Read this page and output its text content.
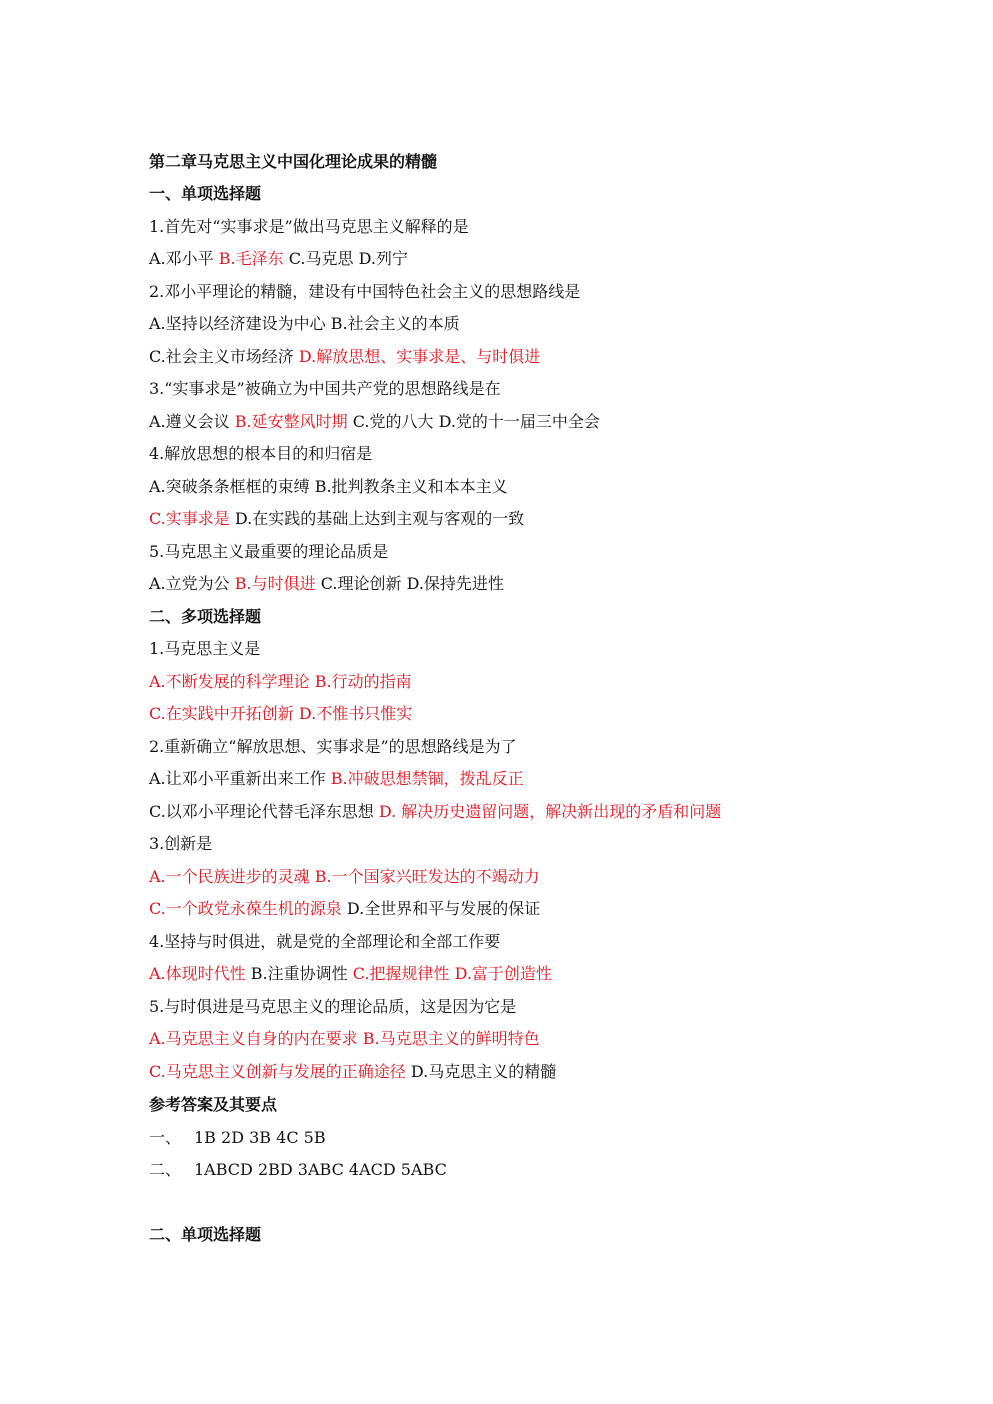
第二章马克思主义中国化理论成果的精髓
一、单项选择题
1.首先对“实事求是”做出马克思主义解释的是
A.邓小平 B.毛泽东 C.马克思 D.列宁
2.邓小平理论的精髓，建设有中国特色社会主义的思想路线是
A.坚持以经济建设为中心 B.社会主义的本质
C.社会主义市场经济 D.解放思想、实事求是、与时俱进
3.“实事求是”被确立为中国共产党的思想路线是在
A.遵义会议 B.延安整风时期 C.党的八大 D.党的十一届三中全会
4.解放思想的根本目的和归宿是
A.突破条条框框的束缚 B.批判教条主义和本本主义
C.实事求是 D.在实践的基础上达到主观与客观的一致
5.马克思主义最重要的理论品质是
A.立党为公 B.与时俱进 C.理论创新 D.保持先进性
二、多项选择题
1.马克思主义是
A.不断发展的科学理论 B.行动的指南
C.在实践中开拓创新 D.不惟书只惟实
2.重新确立“解放思想、实事求是”的思想路线是为了
A.让邓小平重新出来工作 B.冲破思想禁锢，拨乱反正
C.以邓小平理论代替毛泽东思想 D. 解决历史遗留问题，解决新出现的矛盾和问题
3.创新是
A.一个民族进步的灵魂 B.一个国家兴旺发达的不竭动力
C.一个政党永葆生机的源泉 D.全世界和平与发展的保证
4.坚持与时俱进，就是党的全部理论和全部工作要
A.体现时代性 B.注重协调性 C.把握规律性 D.富于创造性
5.与时俱进是马克思主义的理论品质，这是因为它是
A.马克思主义自身的内在要求 B.马克思主义的鲜明特色
C.马克思主义创新与发展的正确途径 D.马克思主义的精髓
参考答案及其要点
一、 1B 2D 3B 4C 5B
二、 1ABCD 2BD 3ABC 4ACD 5ABC
二、单项选择题
